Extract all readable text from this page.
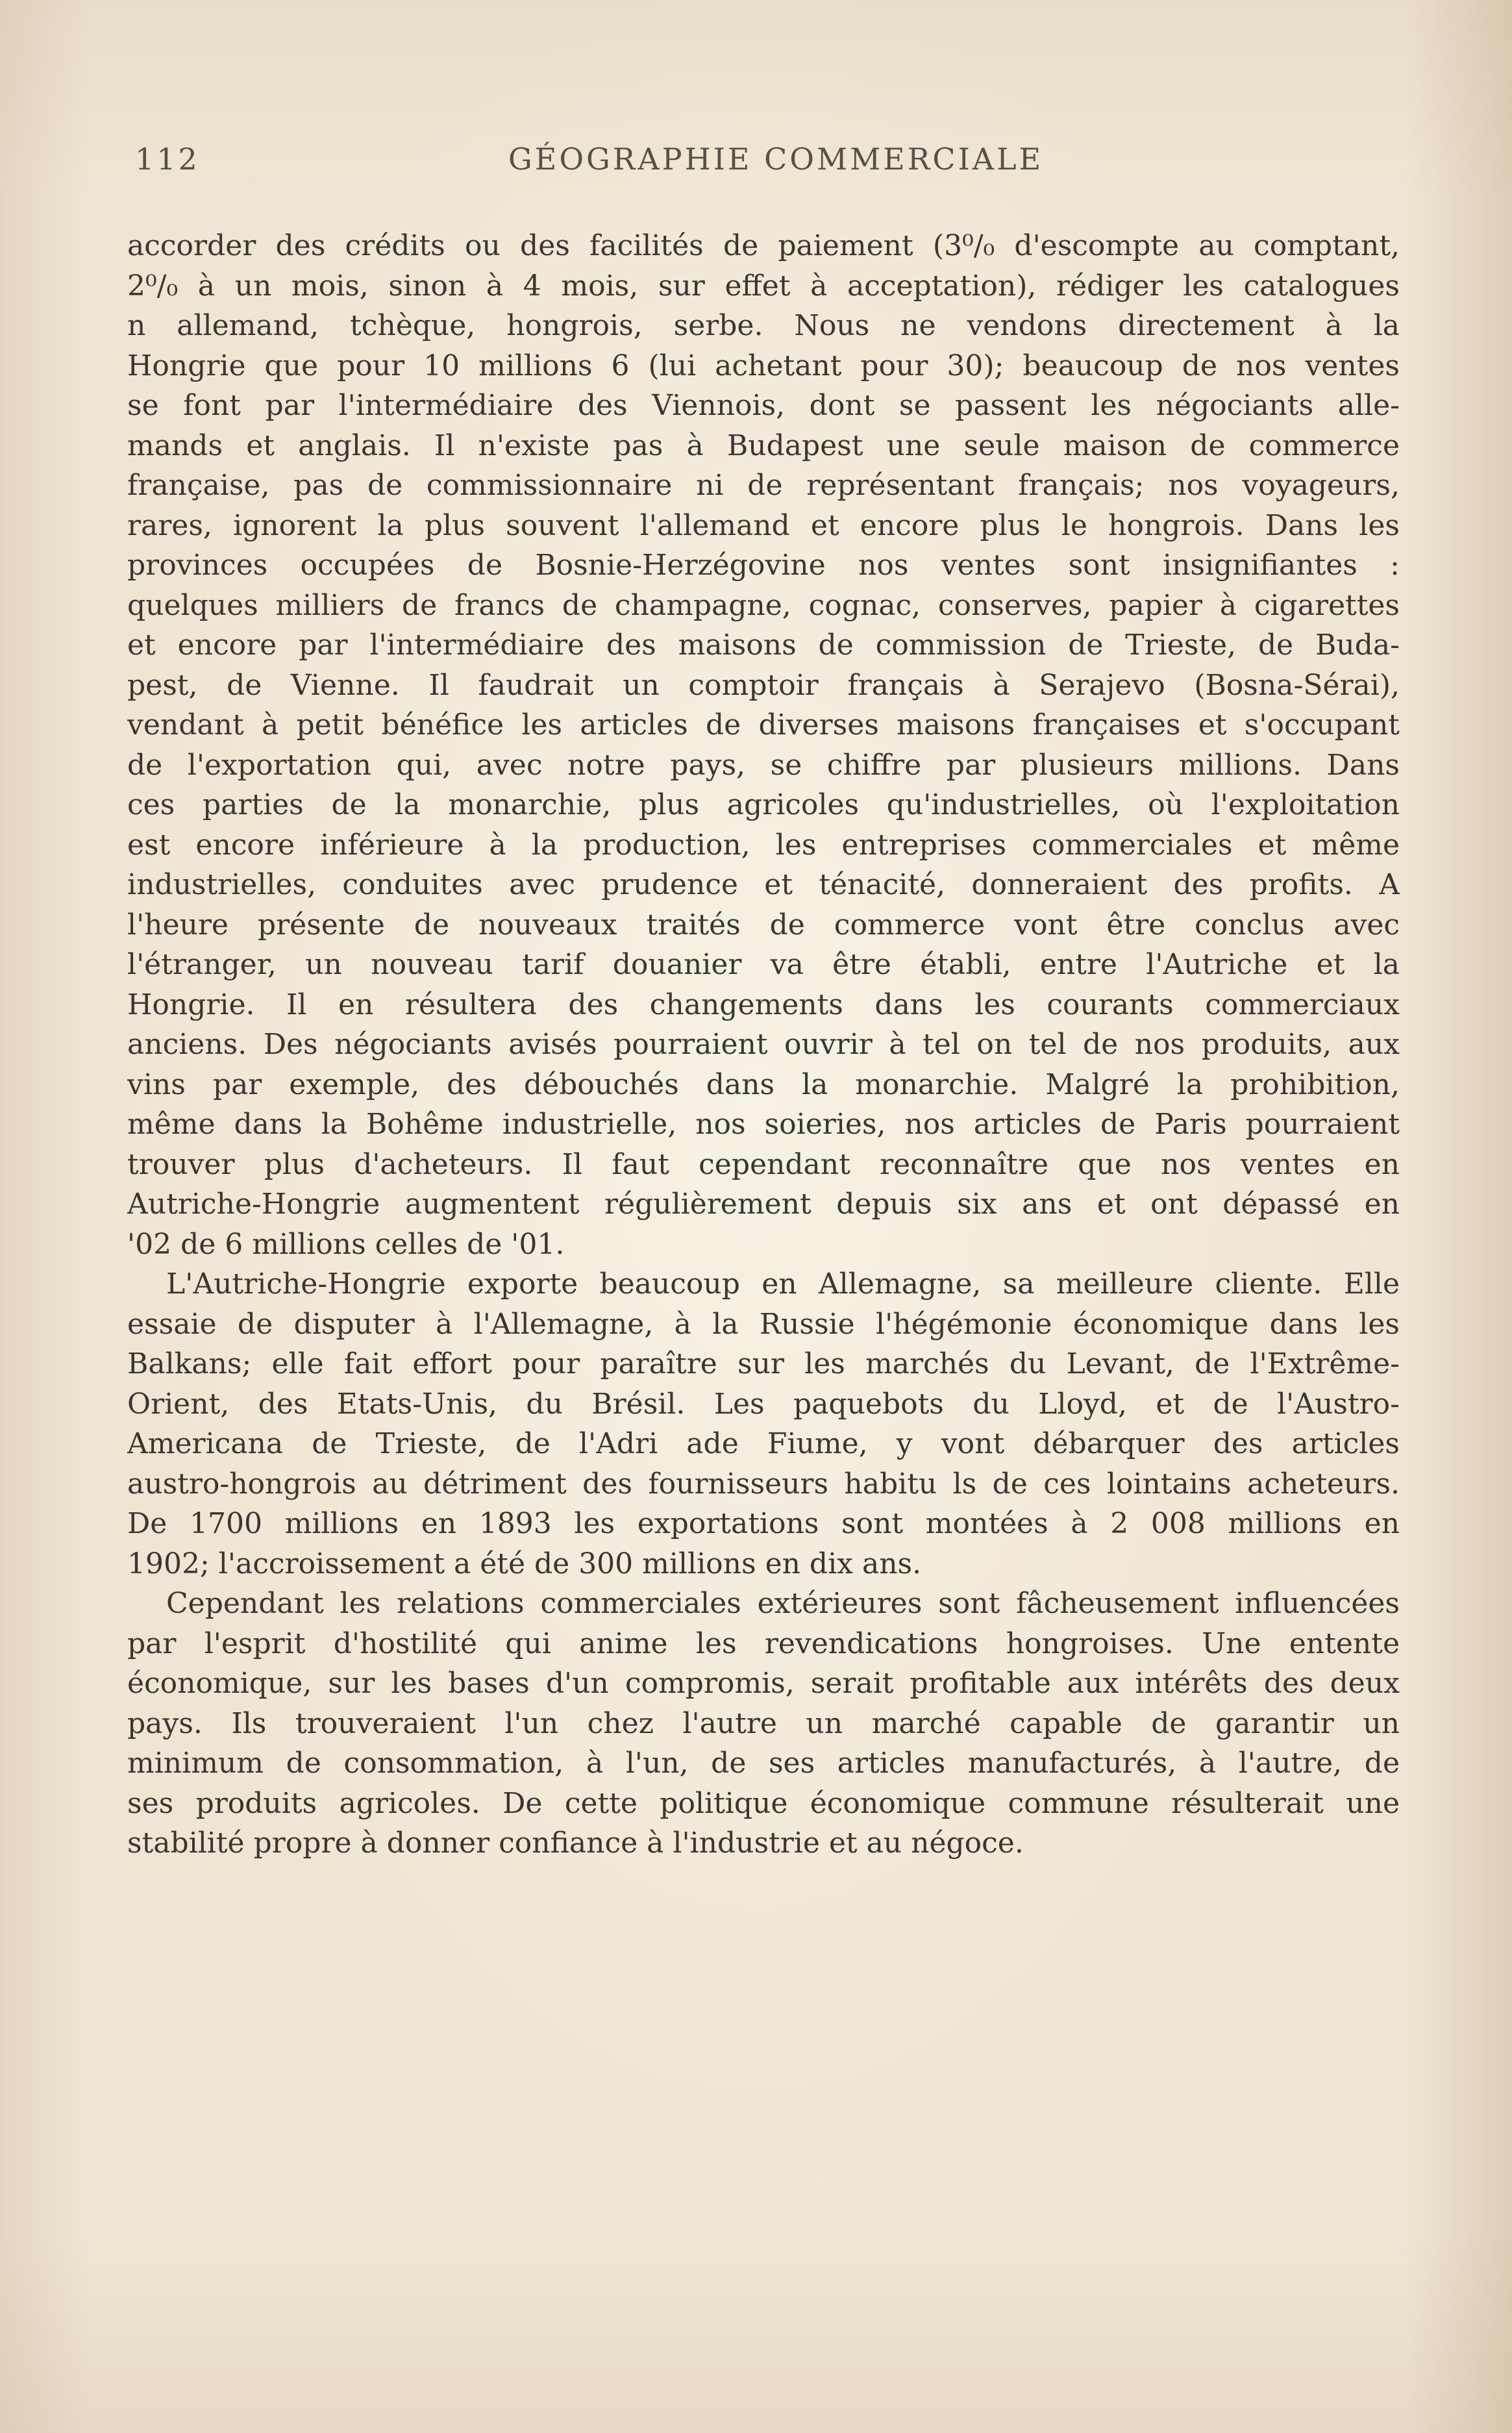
112	GÉOGRAPHIE COMMERCIALE
accorder des crédits ou des facilités de paiement (3⁰/₀ d'escompte au comptant,
2⁰/₀ à un mois, sinon à 4 mois, sur effet à acceptation), rédiger les catalogues
n allemand, tchèque, hongrois, serbe. Nous ne vendons directement à la
Hongrie que pour 10 millions 6 (lui achetant pour 30); beaucoup de nos ventes
se font par l'intermédiaire des Viennois, dont se passent les négociants alle-
mands et anglais. Il n'existe pas à Budapest une seule maison de commerce
française, pas de commissionnaire ni de représentant français; nos voyageurs,
rares, ignorent la plus souvent l'allemand et encore plus le hongrois. Dans les
provinces occupées de Bosnie-Herzégovine nos ventes sont insignifiantes :
quelques milliers de francs de champagne, cognac, conserves, papier à cigarettes
et encore par l'intermédiaire des maisons de commission de Trieste, de Buda-
pest, de Vienne. Il faudrait un comptoir français à Serajevo (Bosna-Sérai),
vendant à petit bénéfice les articles de diverses maisons françaises et s'occupant
de l'exportation qui, avec notre pays, se chiffre par plusieurs millions. Dans
ces parties de la monarchie, plus agricoles qu'industrielles, où l'exploitation
est encore inférieure à la production, les entreprises commerciales et même
industrielles, conduites avec prudence et ténacité, donneraient des profits. A
l'heure présente de nouveaux traités de commerce vont être conclus avec
l'étranger, un nouveau tarif douanier va être établi, entre l'Autriche et la
Hongrie. Il en résultera des changements dans les courants commerciaux
anciens. Des négociants avisés pourraient ouvrir à tel on tel de nos produits, aux
vins par exemple, des débouchés dans la monarchie. Malgré la prohibition,
même dans la Bohême industrielle, nos soieries, nos articles de Paris pourraient
trouver plus d'acheteurs. Il faut cependant reconnaître que nos ventes en
Autriche-Hongrie augmentent régulièrement depuis six ans et ont dépassé en
'02 de 6 millions celles de '01.
L'Autriche-Hongrie exporte beaucoup en Allemagne, sa meilleure cliente. Elle
essaie de disputer à l'Allemagne, à la Russie l'hégémonie économique dans les
Balkans; elle fait effort pour paraître sur les marchés du Levant, de l'Extrême-
Orient, des Etats-Unis, du Brésil. Les paquebots du Lloyd, et de l'Austro-
Americana de Trieste, de l'Adri ade Fiume, y vont débarquer des articles
austro-hongrois au détriment des fournisseurs habitu ls de ces lointains acheteurs.
De 1700 millions en 1893 les exportations sont montées à 2 008 millions en
1902; l'accroissement a été de 300 millions en dix ans.
Cependant les relations commerciales extérieures sont fâcheusement influencées
par l'esprit d'hostilité qui anime les revendications hongroises. Une entente
économique, sur les bases d'un compromis, serait profitable aux intérêts des deux
pays. Ils trouveraient l'un chez l'autre un marché capable de garantir un
minimum de consommation, à l'un, de ses articles manufacturés, à l'autre, de
ses produits agricoles. De cette politique économique commune résulterait une
stabilité propre à donner confiance à l'industrie et au négoce.
